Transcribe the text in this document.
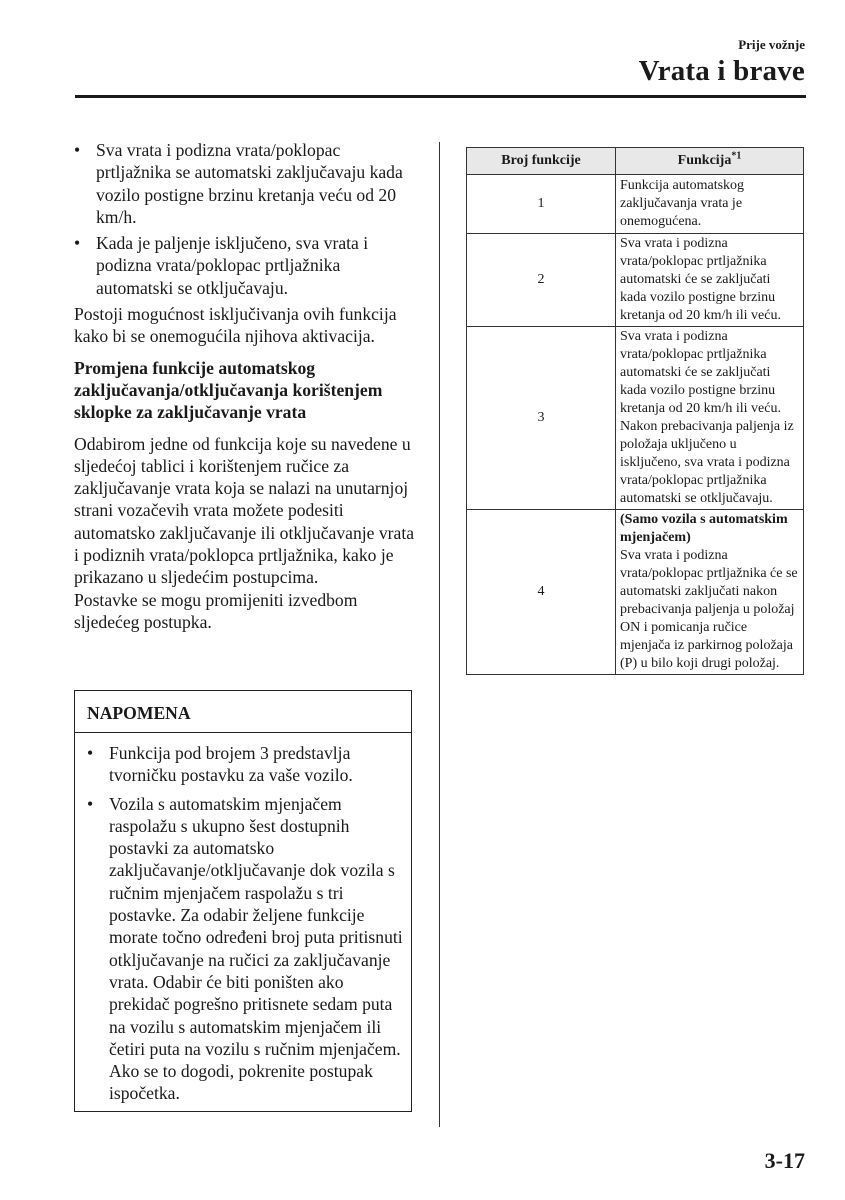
Prije vožnje
Vrata i brave
• Sva vrata i podizna vrata/poklopac prtljažnika se automatski zaključavaju kada vozilo postigne brzinu kretanja veću od 20 km/h.
• Kada je paljenje isključeno, sva vrata i podizna vrata/poklopac prtljažnika automatski se otključavaju.

Postoji mogućnost isključivanja ovih funkcija kako bi se onemogućila njihova aktivacija.

Promjena funkcije automatskog zaključavanja/otključavanja korištenjem sklopke za zaključavanje vrata

Odabirom jedne od funkcija koje su navedene u sljedećoj tablici i korištenjem ručice za zaključavanje vrata koja se nalazi na unutarnjoj strani vozačevih vrata možete podesiti automatsko zaključavanje ili otključavanje vrata i podiznih vrata/poklopca prtljažnika, kako je prikazano u sljedećim postupcima.

Postavke se mogu promijeniti izvedbom sljedećeg postupka.

NAPOMENA
• Funkcija pod brojem 3 predstavlja tvorničku postavku za vaše vozilo.
• Vozila s automatskim mjenjačem raspolažu s ukupno šest dostupnih postavki za automatsko zaključavanje/otključavanje dok vozila s ručnim mjenjačem raspolažu s tri postavke. Za odabir željene funkcije morate točno određeni broj puta pritisnuti otključavanje na ručici za zaključavanje vrata. Odabir će biti poništen ako prekidač pogrešno pritisnete sedam puta na vozilu s automatskim mjenjačem ili četiri puta na vozilu s ručnim mjenjačem. Ako se to dogodi, pokrenite postupak ispočetka.
Broj funkcije	Funkcija$^{*1}$
1	Funkcija automatskog zaključavanja vrata je onemogućena.
2	Sva vrata i podizna vrata/poklopac prtljažnika automatski će se zaključati kada vozilo postigne brzinu kretanja od 20 km/h ili veću.
3	Sva vrata i podizna vrata/poklopac prtljažnika automatski će se zaključati kada vozilo postigne brzinu kretanja od 20 km/h ili veću. Nakon prebacivanja paljenja iz položaja uključeno u isključeno, sva vrata i podizna vrata/poklopac prtljažnika automatski se otključavaju.
4	(Samo vozila s automatskim mjenjačem)
Sva vrata i podizna vrata/poklopac prtljažnika će se automatski zaključati nakon prebacivanja paljenja u položaj ON i pomicanja ručice mjenjača iz parkirnog položaja (P) u bilo koji drugi položaj.
3-17
